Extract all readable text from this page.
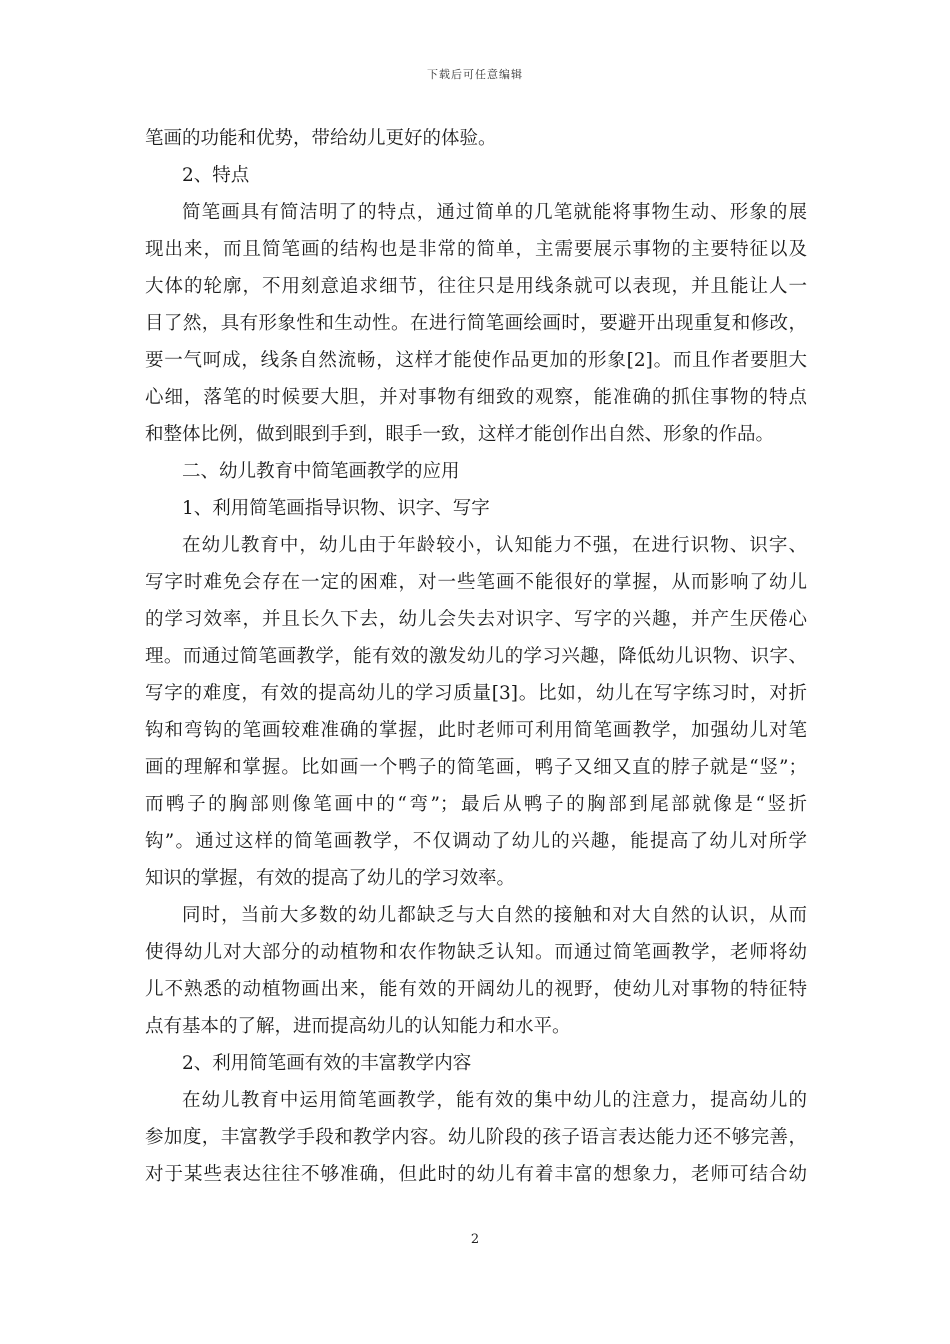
下载后可任意编辑
笔画的功能和优势，带给幼儿更好的体验。
2、特点
简笔画具有简洁明了的特点，通过简单的几笔就能将事物生动、形象的展
现出来，而且简笔画的结构也是非常的简单，主需要展示事物的主要特征以及
大体的轮廓，不用刻意追求细节，往往只是用线条就可以表现，并且能让人一
目了然，具有形象性和生动性。在进行简笔画绘画时，要避开出现重复和修改，
要一气呵成，线条自然流畅，这样才能使作品更加的形象[2]。而且作者要胆大
心细，落笔的时候要大胆，并对事物有细致的观察，能准确的抓住事物的特点
和整体比例，做到眼到手到，眼手一致，这样才能创作出自然、形象的作品。
二、幼儿教育中简笔画教学的应用
1、利用简笔画指导识物、识字、写字
在幼儿教育中，幼儿由于年龄较小，认知能力不强，在进行识物、识字、
写字时难免会存在一定的困难，对一些笔画不能很好的掌握，从而影响了幼儿
的学习效率，并且长久下去，幼儿会失去对识字、写字的兴趣，并产生厌倦心
理。而通过简笔画教学，能有效的激发幼儿的学习兴趣，降低幼儿识物、识字、
写字的难度，有效的提高幼儿的学习质量[3]。比如，幼儿在写字练习时，对折
钩和弯钩的笔画较难准确的掌握，此时老师可利用简笔画教学，加强幼儿对笔
画的理解和掌握。比如画一个鸭子的简笔画，鸭子又细又直的脖子就是“竖”；
而鸭子的胸部则像笔画中的“弯”；最后从鸭子的胸部到尾部就像是“竖折
钩”。通过这样的简笔画教学，不仅调动了幼儿的兴趣，能提高了幼儿对所学
知识的掌握，有效的提高了幼儿的学习效率。
同时，当前大多数的幼儿都缺乏与大自然的接触和对大自然的认识，从而
使得幼儿对大部分的动植物和农作物缺乏认知。而通过简笔画教学，老师将幼
儿不熟悉的动植物画出来，能有效的开阔幼儿的视野，使幼儿对事物的特征特
点有基本的了解，进而提高幼儿的认知能力和水平。
2、利用简笔画有效的丰富教学内容
在幼儿教育中运用简笔画教学，能有效的集中幼儿的注意力，提高幼儿的
参加度，丰富教学手段和教学内容。幼儿阶段的孩子语言表达能力还不够完善，
对于某些表达往往不够准确，但此时的幼儿有着丰富的想象力，老师可结合幼
2
